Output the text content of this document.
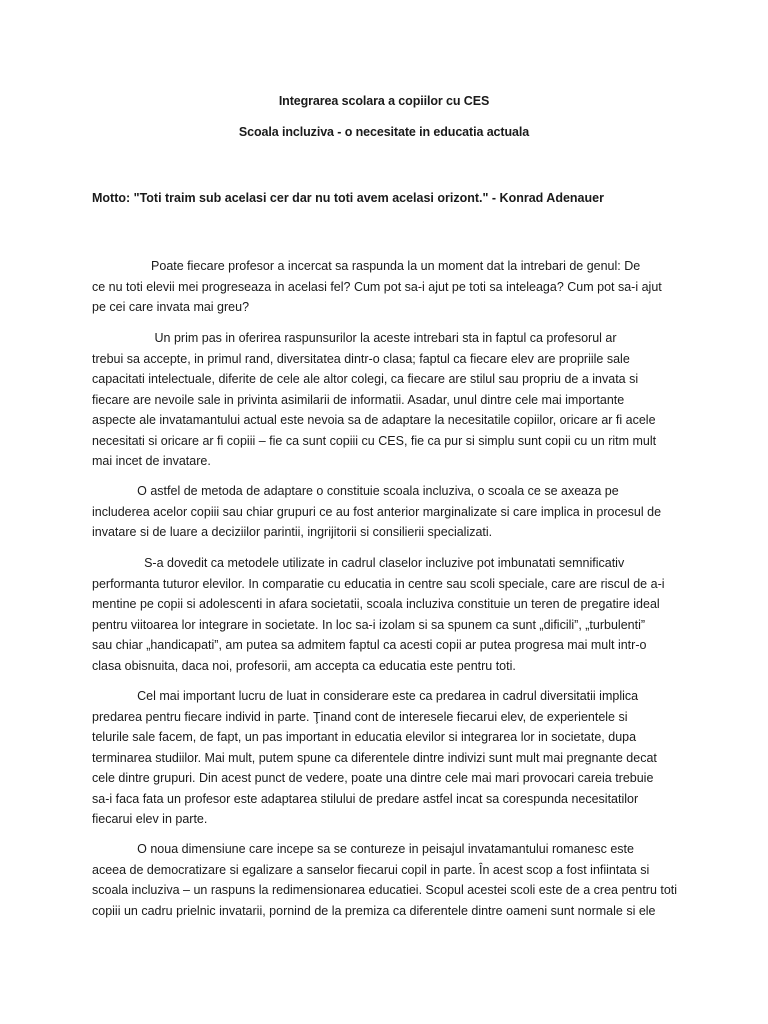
Integrarea scolara a copiilor cu CES
Scoala incluziva - o necesitate in educatia actuala
Motto: "Toti traim sub acelasi cer dar nu toti avem acelasi orizont." - Konrad Adenauer

Poate fiecare profesor a incercat sa raspunda la un moment dat la intrebari de genul: De
ce nu toti elevii mei progreseaza in acelasi fel? Cum pot sa-i ajut pe toti sa inteleaga? Cum pot sa-i ajut
pe cei care invata mai greu?

Un prim pas in oferirea raspunsurilor la aceste intrebari sta in faptul ca profesorul ar
trebui sa accepte, in primul rand, diversitatea dintr-o clasa; faptul ca fiecare elev are propriile sale
capacitati intelectuale, diferite de cele ale altor colegi, ca fiecare are stilul sau propriu de a invata si
fiecare are nevoile sale in privinta asimilarii de informatii. Asadar, unul dintre cele mai importante
aspecte ale invatamantului actual este nevoia sa de adaptare la necesitatile copiilor, oricare ar fi acele
necesitati si oricare ar fi copiii – fie ca sunt copiii cu CES, fie ca pur si simplu sunt copii cu un ritm mult
mai incet de invatare.

O astfel de metoda de adaptare o constituie scoala incluziva, o scoala ce se axeaza pe
includerea acelor copiii sau chiar grupuri ce au fost anterior marginalizate si care implica in procesul de
invatare si de luare a deciziilor parintii, ingrijitorii si consilierii specializati.

S-a dovedit ca metodele utilizate in cadrul claselor incluzive pot imbunatati semnificativ
performanta tuturor elevilor. In comparatie cu educatia in centre sau scoli speciale, care are riscul de a-i
mentine pe copii si adolescenti in afara societatii, scoala incluziva constituie un teren de pregatire ideal
pentru viitoarea lor integrare in societate. In loc sa-i izolam si sa spunem ca sunt „dificili”, „turbulenti”
sau chiar „handicapati”, am putea sa admitem faptul ca acesti copii ar putea progresa mai mult intr-o
clasa obisnuita, daca noi, profesorii, am accepta ca educatia este pentru toti.

Cel mai important lucru de luat in considerare este ca predarea in cadrul diversitatii implica
predarea pentru fiecare individ in parte. Ţinand cont de interesele fiecarui elev, de experientele si
telurile sale facem, de fapt, un pas important in educatia elevilor si integrarea lor in societate, dupa
terminarea studiilor. Mai mult, putem spune ca diferentele dintre indivizi sunt mult mai pregnante decat
cele dintre grupuri. Din acest punct de vedere, poate una dintre cele mai mari provocari careia trebuie
sa-i faca fata un profesor este adaptarea stilului de predare astfel incat sa corespunda necesitatilor
fiecarui elev in parte.

O noua dimensiune care incepe sa se contureze in peisajul invatamantului romanesc este
aceea de democratizare si egalizare a sanselor fiecarui copil in parte. În acest scop a fost infiintata si
scoala incluziva – un raspuns la redimensionarea educatiei. Scopul acestei scoli este de a crea pentru toti
copiii un cadru prielnic invatarii, pornind de la premiza ca diferentele dintre oameni sunt normale si ele
